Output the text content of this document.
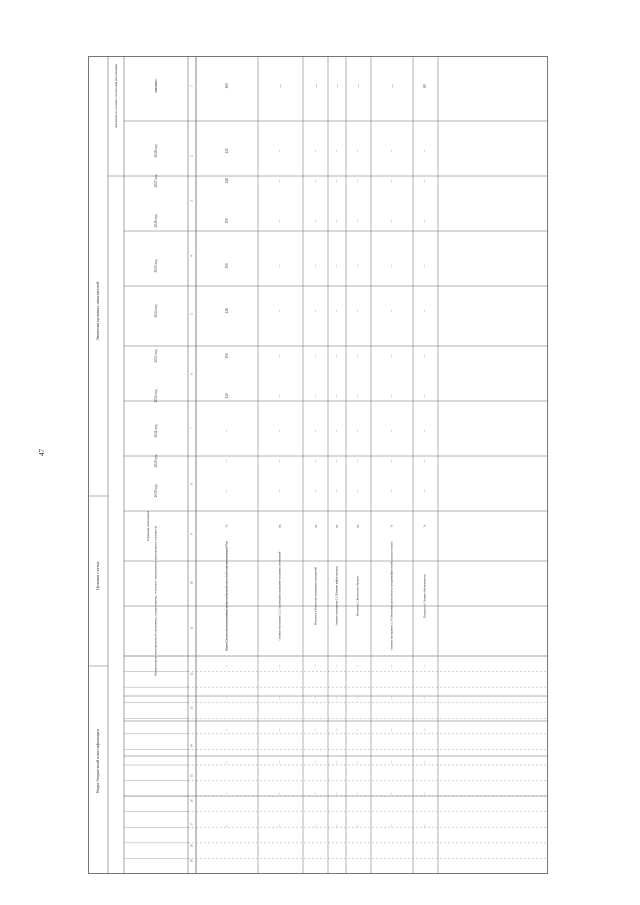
47
Значения целевых показателей
Целевая статья
Коды бюджетной классификации
Значение на момент окончания реализации
Единица измерения
Наименование муниципальной программы, подпрограммы, основного мероприятия, мероприятия, показателя
2019 год
2020 год
2021 год
2022 год
2023 год
2024 год
2025 год
2026 год
2027 год
2028 год
значение	1
2
3
4
5
6
7
8
9
10
11
12
13
14
15
16
17
18
19
Показатель 3. Доля населения, систематически занимающегося физической культурой и спортом, в общей численности населения в возрасте 3-79 лет
%
—
—
—
140
150
148
150
155
148
145
160
—
—
—
—
—
—
Основное мероприятие 2.1.2 Организация и проведение спортивных мероприятий
ед.
—
—
—
—
—
—
—
—
—
—
—
—
—
—
—
—
—
Показатель 4. Количество проведенных мероприятий
ед.
—
—
—
—
—
—
—
—
—
—
—
—
—
—
—
—
—
Основное мероприятие 2.1.3 Развитие инфраструктуры
ед.
—
—
—
—
—
—
—
—
—
—
—
—
—
—
—
—
—
Показатель 5. Количество объектов
ед.
—
—
—
—
—
—
—
—
—
—
—
—
—
—
—
—
—
Основное мероприятие 2.1.4 Обеспечение деятельности учреждений физической культуры и спорта
%
—
—
—
—
—
—
—
—
—
—
—
—
—
—
—
—
—
Показатель 6. Уровень обеспеченности
%
—
—
—
—
—
—
—
—
—
—
80
—
—
—
—
—
—
